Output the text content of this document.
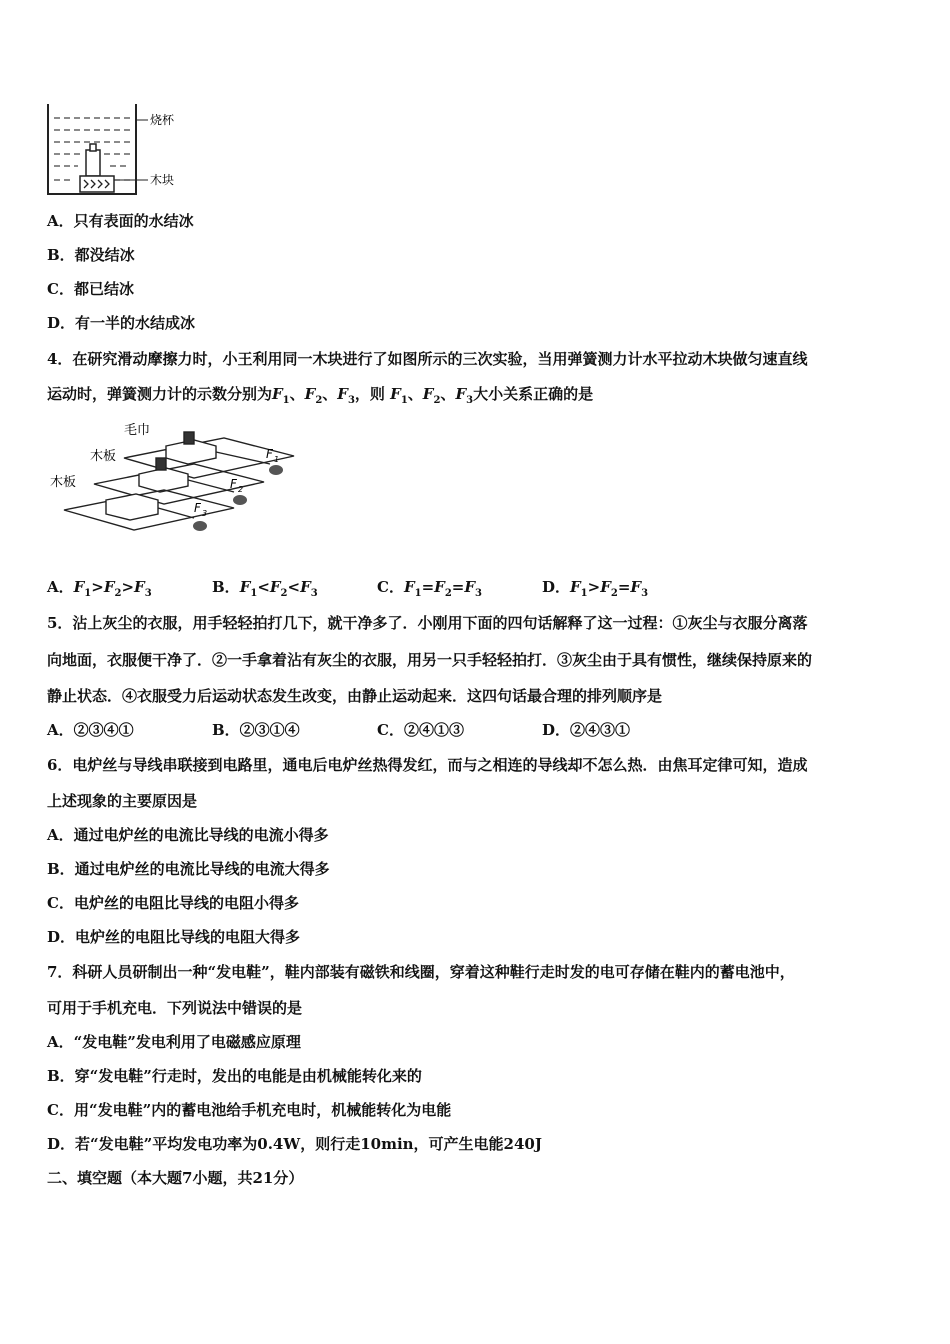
烧杯
木块
A．只有表面的水结冰
B．都没结冰
C．都已结冰
D．有一半的水结成冰
4．在研究滑动摩擦力时，小王利用同一木块进行了如图所示的三次实验，当用弹簧测力计水平拉动木块做匀速直线
运动时，弹簧测力计的示数分别为$F_1$、$F_2$、$F_3$，则 $F_1$、$F_2$、$F_3$大小关系正确的是
F 1
F 2
F 3
毛巾
木板
木板
A．$F_1>F_2>F_3$	B．$F_1<F_2<F_3$	C．$F_1=F_2=F_3$	D．$F_1>F_2=F_3$
5．沾上灰尘的衣服，用手轻轻拍打几下，就干净多了．小刚用下面的四句话解释了这一过程：①灰尘与衣服分离落
向地面，衣服便干净了．②一手拿着沾有灰尘的衣服，用另一只手轻轻拍打．③灰尘由于具有惯性，继续保持原来的
静止状态．④衣服受力后运动状态发生改变，由静止运动起来．这四句话最合理的排列顺序是
A．②③④①	B．②③①④	C．②④①③	D．②④③①
6．电炉丝与导线串联接到电路里，通电后电炉丝热得发红，而与之相连的导线却不怎么热．由焦耳定律可知，造成
上述现象的主要原因是
A．通过电炉丝的电流比导线的电流小得多
B．通过电炉丝的电流比导线的电流大得多
C．电炉丝的电阻比导线的电阻小得多
D．电炉丝的电阻比导线的电阻大得多
7．科研人员研制出一种“发电鞋”，鞋内部装有磁铁和线圈，穿着这种鞋行走时发的电可存储在鞋内的蓄电池中，
可用于手机充电．下列说法中错误的是
A．“发电鞋”发电利用了电磁感应原理
B．穿“发电鞋”行走时，发出的电能是由机械能转化来的
C．用“发电鞋”内的蓄电池给手机充电时，机械能转化为电能
D．若“发电鞋”平均发电功率为0.4W，则行走10min，可产生电能240J
二、填空题（本大题7小题，共21分）
